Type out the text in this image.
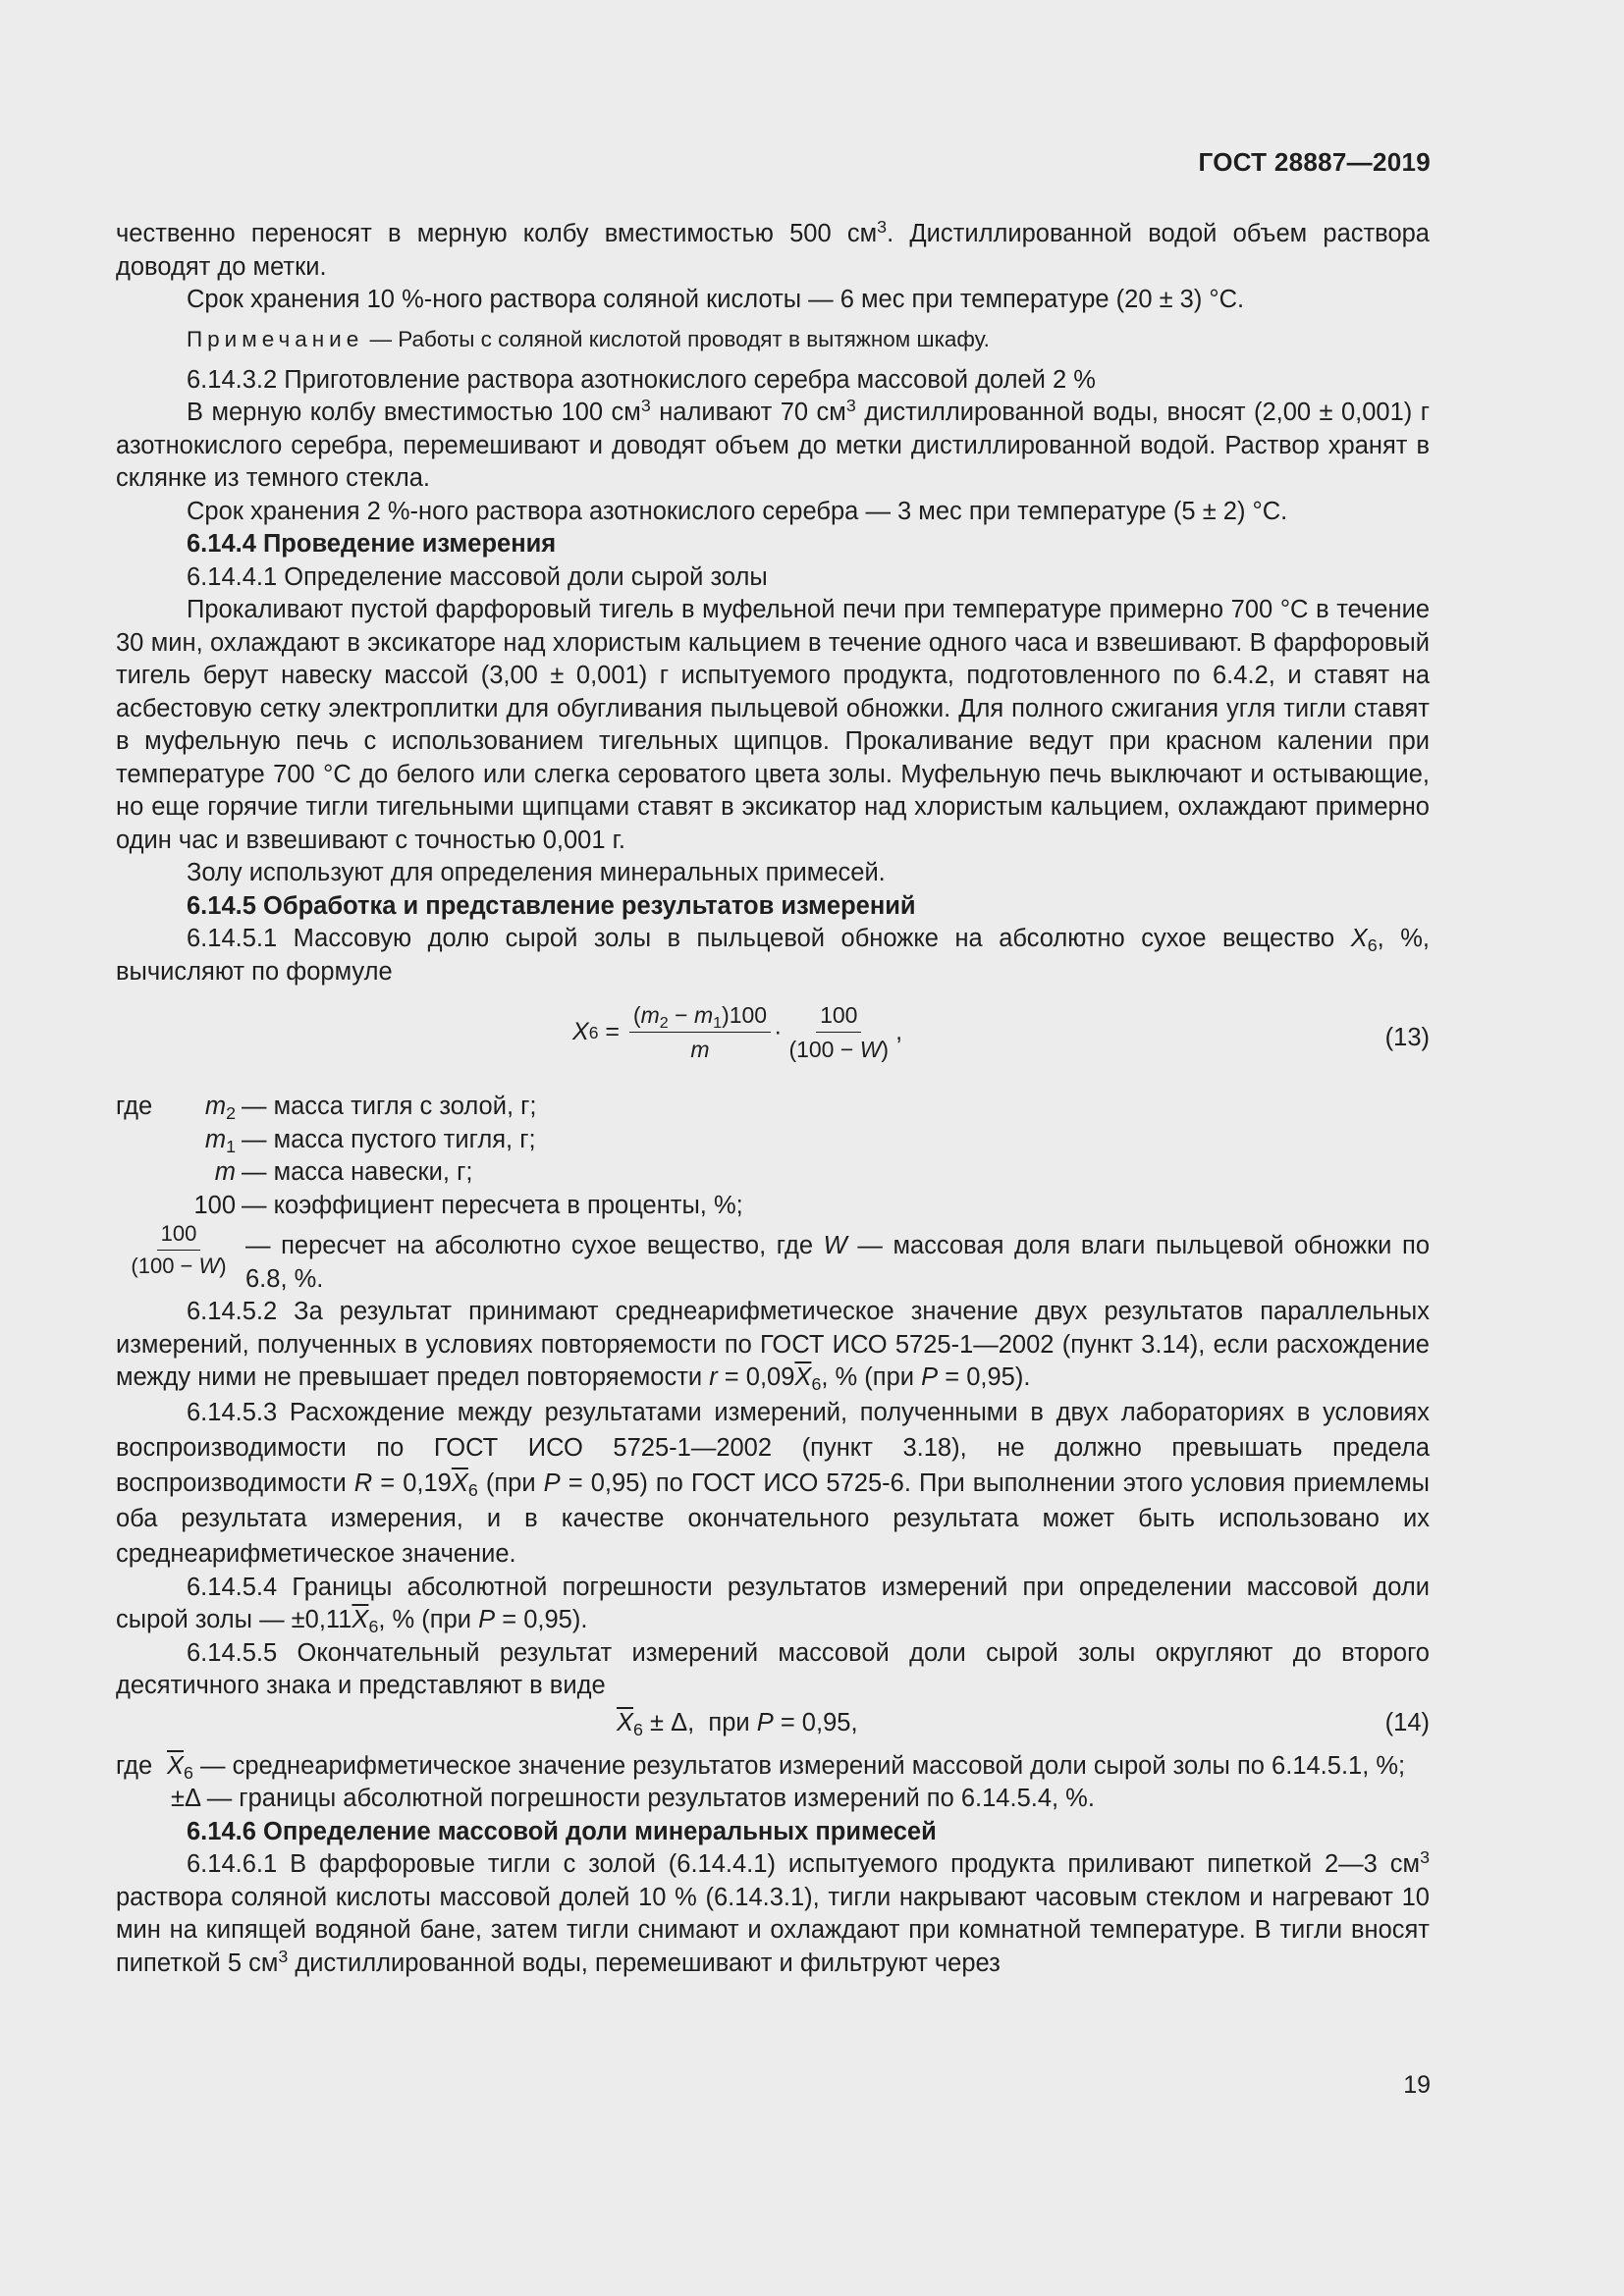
ГОСТ 28887—2019

чественно переносят в мерную колбу вместимостью 500 $см^3$. Дистиллированной водой объем раствора доводят до метки.

Срок хранения 10 %-ного раствора соляной кислоты — 6 мес при температуре (20 ± 3) °С.

Примечание — Работы с соляной кислотой проводят в вытяжном шкафу.

6.14.3.2 Приготовление раствора азотнокислого серебра массовой долей 2 %

В мерную колбу вместимостью 100 $см^3$ наливают 70 $см^3$ дистиллированной воды, вносят (2,00 ± 0,001) г азотнокислого серебра, перемешивают и доводят объем до метки дистиллированной водой. Раствор хранят в склянке из темного стекла.

Срок хранения 2 %-ного раствора азотнокислого серебра — 3 мес при температуре (5 ± 2) °С.

6.14.4 Проведение измерения

6.14.4.1 Определение массовой доли сырой золы

Прокаливают пустой фарфоровый тигель в муфельной печи при температуре примерно 700 °С в течение 30 мин, охлаждают в эксикаторе над хлористым кальцием в течение одного часа и взвешивают. В фарфоровый тигель берут навеску массой (3,00 ± 0,001) г испытуемого продукта, подготовленного по 6.4.2, и ставят на асбестовую сетку электроплитки для обугливания пыльцевой обножки. Для полного сжигания угля тигли ставят в муфельную печь с использованием тигельных щипцов. Прокаливание ведут при красном калении при температуре 700 °С до белого или слегка сероватого цвета золы. Муфельную печь выключают и остывающие, но еще горячие тигли тигельными щипцами ставят в эксикатор над хлористым кальцием, охлаждают примерно один час и взвешивают с точностью 0,001 г.

Золу используют для определения минеральных примесей.

6.14.5 Обработка и представление результатов измерений

6.14.5.1 Массовую долю сырой золы в пыльцевой обножке на абсолютно сухое вещество $X_6$, %, вычисляют по формуле

X $6 = \frac{(m_2 - m_1)100}{m} \cdot \frac{100}{(100 - W)}$ ,	(13)
где	$m_2$ — масса тигля с золой, г;
$m_1$ — масса пустого тигля, г;
m — масса навески, г;
100 — коэффициент пересчета в проценты, %;
$\frac{100}{(100 - W)}$ — пересчет на абсолютно сухое вещество, где W — массовая доля влаги пыльцевой обножки по 6.8, %.

6.14.5.2 За результат принимают среднеарифметическое значение двух результатов параллельных измерений, полученных в условиях повторяемости по ГОСТ ИСО 5725-1—2002 (пункт 3.14), если расхождение между ними не превышает предел повторяемости $r = 0,09\overline{X}_6$, % (при P = 0,95).

6.14.5.3 Расхождение между результатами измерений, полученными в двух лабораториях в условиях воспроизводимости по ГОСТ ИСО 5725-1—2002 (пункт 3.18), не должно превышать предела воспроизводимости $R = 0,19\overline{X}_6$ (при P = 0,95) по ГОСТ ИСО 5725-6. При выполнении этого условия приемлемы оба результата измерения, и в качестве окончательного результата может быть использовано их среднеарифметическое значение.

6.14.5.4 Границы абсолютной погрешности результатов измерений при определении массовой доли сырой золы — $\pm 0,11\overline{X}_6$, % (при P = 0,95).

6.14.5.5 Окончательный результат измерений массовой доли сырой золы округляют до второго десятичного знака и представляют в виде

$\overline{X}_6 \pm \Delta$,  при P = 0,95,	(14)
где $\overline{X}_6$ — среднеарифметическое значение результатов измерений массовой доли сырой золы по 6.14.5.1, %;

±Δ — границы абсолютной погрешности результатов измерений по 6.14.5.4, %.

6.14.6 Определение массовой доли минеральных примесей

6.14.6.1 В фарфоровые тигли с золой (6.14.4.1) испытуемого продукта приливают пипеткой 2—3 $см^3$ раствора соляной кислоты массовой долей 10 % (6.14.3.1), тигли накрывают часовым стеклом и нагревают 10 мин на кипящей водяной бане, затем тигли снимают и охлаждают при комнатной температуре. В тигли вносят пипеткой 5 $см^3$ дистиллированной воды, перемешивают и фильтруют через

19
